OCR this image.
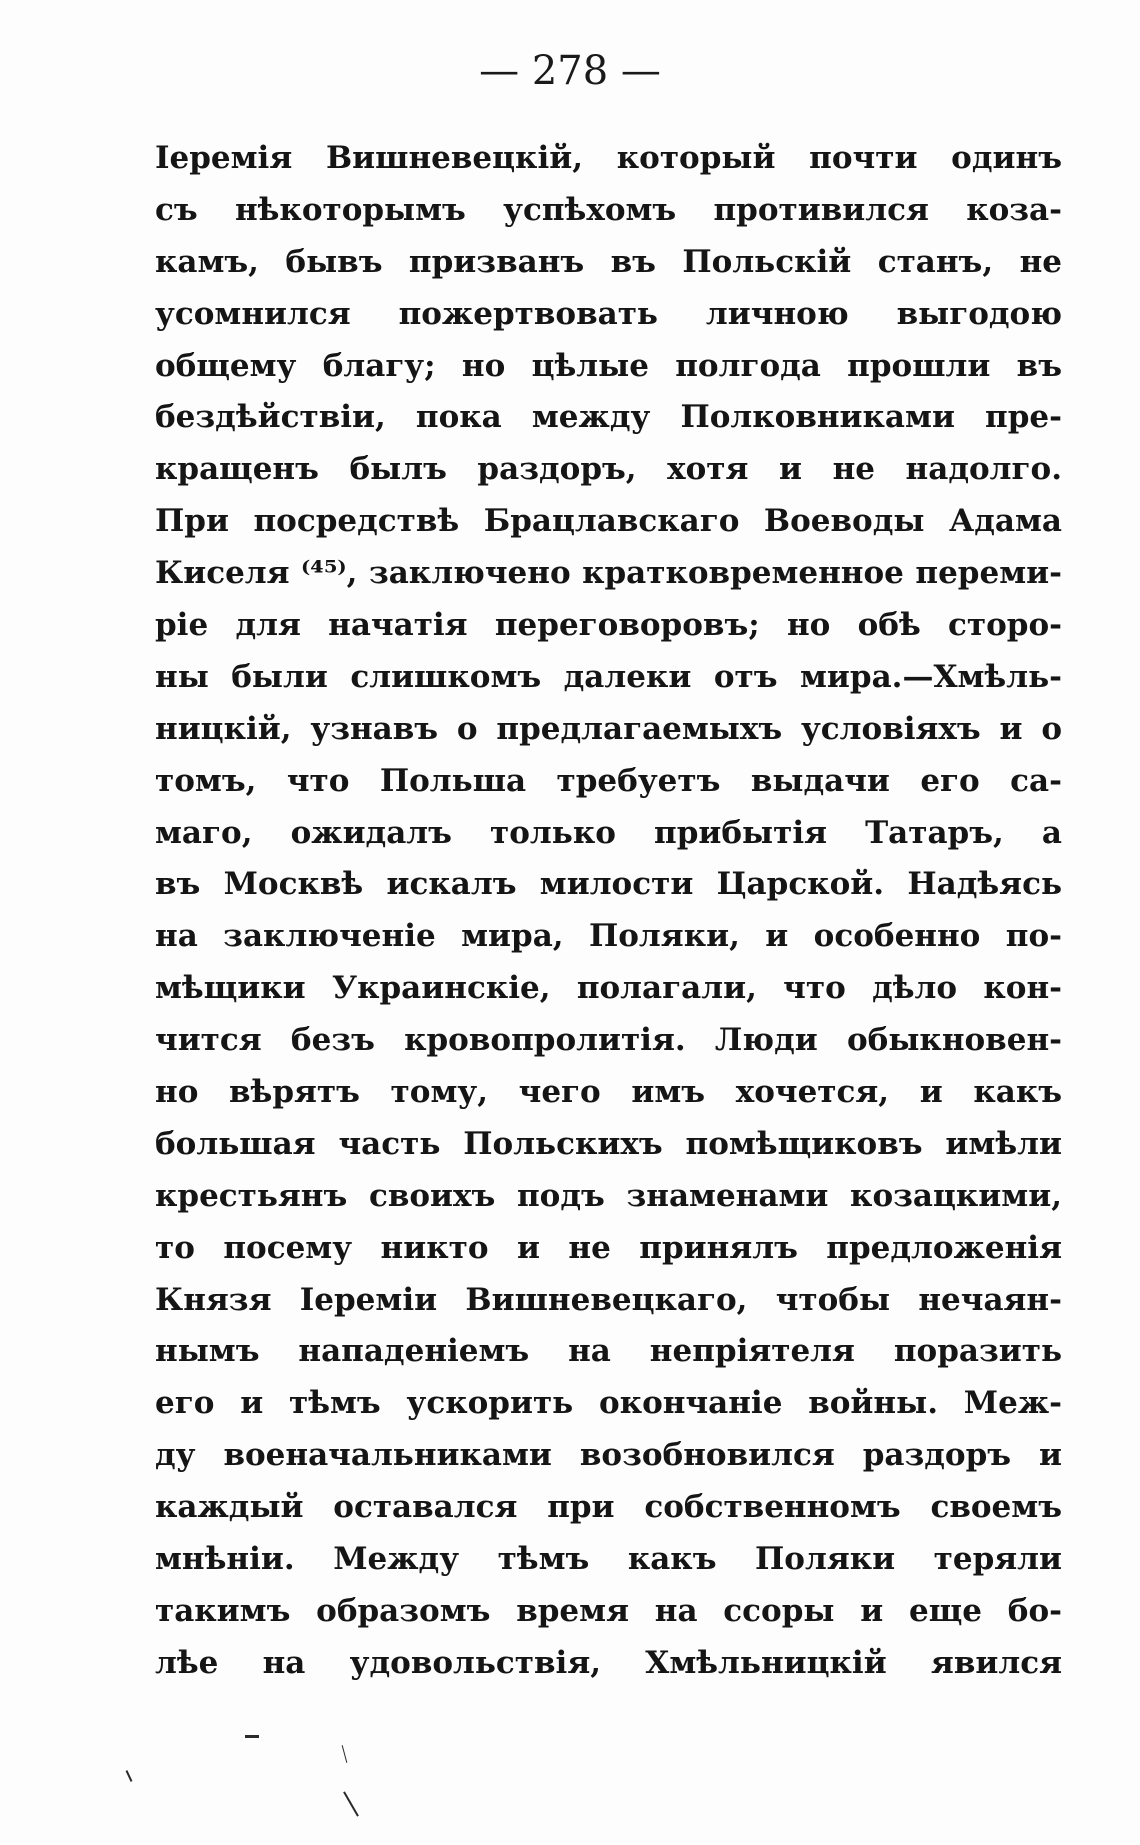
— 278 —
Іеремія Вишневецкій, который почти одинъ
съ нѣкоторымъ успѣхомъ противился коза-
камъ, бывъ призванъ въ Польскій станъ, не
усомнился пожертвовать личною выгодою
общему благу; но цѣлые полгода прошли въ
бездѣйствіи, пока между Полковниками пре-
кращенъ былъ раздоръ, хотя и не надолго.
При посредствѣ Брацлавскаго Воеводы Адама
Киселя ⁽⁴⁵⁾, заключено кратковременное переми-
ріе для начатія переговоровъ; но обѣ сторо-
ны были слишкомъ далеки отъ мира.—Хмѣль-
ницкій, узнавъ о предлагаемыхъ условіяхъ и о
томъ, что Польша требуетъ выдачи его са-
маго, ожидалъ только прибытія Татаръ, а
въ Москвѣ искалъ милости Царской. Надѣясь
на заключеніе мира, Поляки, и особенно по-
мѣщики Украинскіе, полагали, что дѣло кон-
чится безъ кровопролитія. Люди обыкновен-
но вѣрятъ тому, чего имъ хочется, и какъ
большая часть Польскихъ помѣщиковъ имѣли
крестьянъ своихъ подъ знаменами козацкими,
то посему никто и не принялъ предложенія
Князя Іереміи Вишневецкаго, чтобы нечаян-
нымъ нападеніемъ на непріятеля поразить
его и тѣмъ ускорить окончаніе войны. Меж-
ду военачальниками возобновился раздоръ и
каждый оставался при собственномъ своемъ
мнѣніи. Между тѣмъ какъ Поляки теряли
такимъ образомъ время на ссоры и еще бо-
лѣе на удовольствія, Хмѣльницкій явился
